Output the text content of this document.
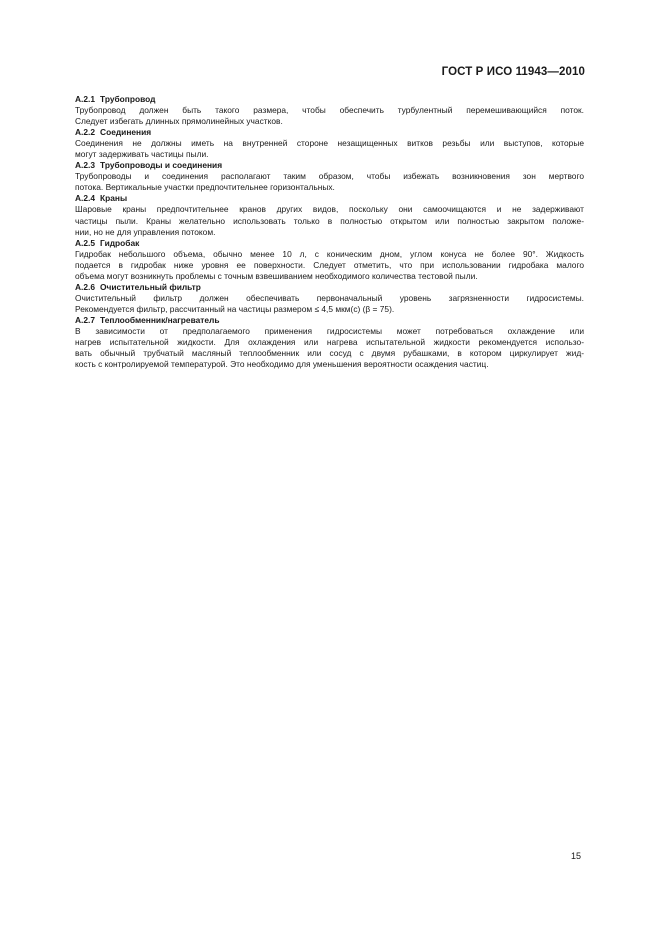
ГОСТ Р ИСО 11943—2010
А.2.1 Трубопровод
Трубопровод должен быть такого размера, чтобы обеспечить турбулентный перемешивающийся поток.
Следует избегать длинных прямолинейных участков.
А.2.2 Соединения
Соединения не должны иметь на внутренней стороне незащищенных витков резьбы или выступов, которые
могут задерживать частицы пыли.
А.2.3 Трубопроводы и соединения
Трубопроводы и соединения располагают таким образом, чтобы избежать возникновения зон мертвого
потока. Вертикальные участки предпочтительнее горизонтальных.
А.2.4 Краны
Шаровые краны предпочтительнее кранов других видов, поскольку они самоочищаются и не задерживают
частицы пыли. Краны желательно использовать только в полностью открытом или полностью закрытом положе-
нии, но не для управления потоком.
А.2.5 Гидробак
Гидробак небольшого объема, обычно менее 10 л, с коническим дном, углом конуса не более 90°. Жидкость
подается в гидробак ниже уровня ее поверхности. Следует отметить, что при использовании гидробака малого
объема могут возникнуть проблемы с точным взвешиванием необходимого количества тестовой пыли.
А.2.6 Очистительный фильтр
Очистительный фильтр должен обеспечивать первоначальный уровень загрязненности гидросистемы.
Рекомендуется фильтр, рассчитанный на частицы размером ≤ 4,5 мкм(с) (β = 75).
А.2.7 Теплообменник/нагреватель
В зависимости от предполагаемого применения гидросистемы может потребоваться охлаждение или
нагрев испытательной жидкости. Для охлаждения или нагрева испытательной жидкости рекомендуется использо-
вать обычный трубчатый масляный теплообменник или сосуд с двумя рубашками, в котором циркулирует жид-
кость с контролируемой температурой. Это необходимо для уменьшения вероятности осаждения частиц.
15
